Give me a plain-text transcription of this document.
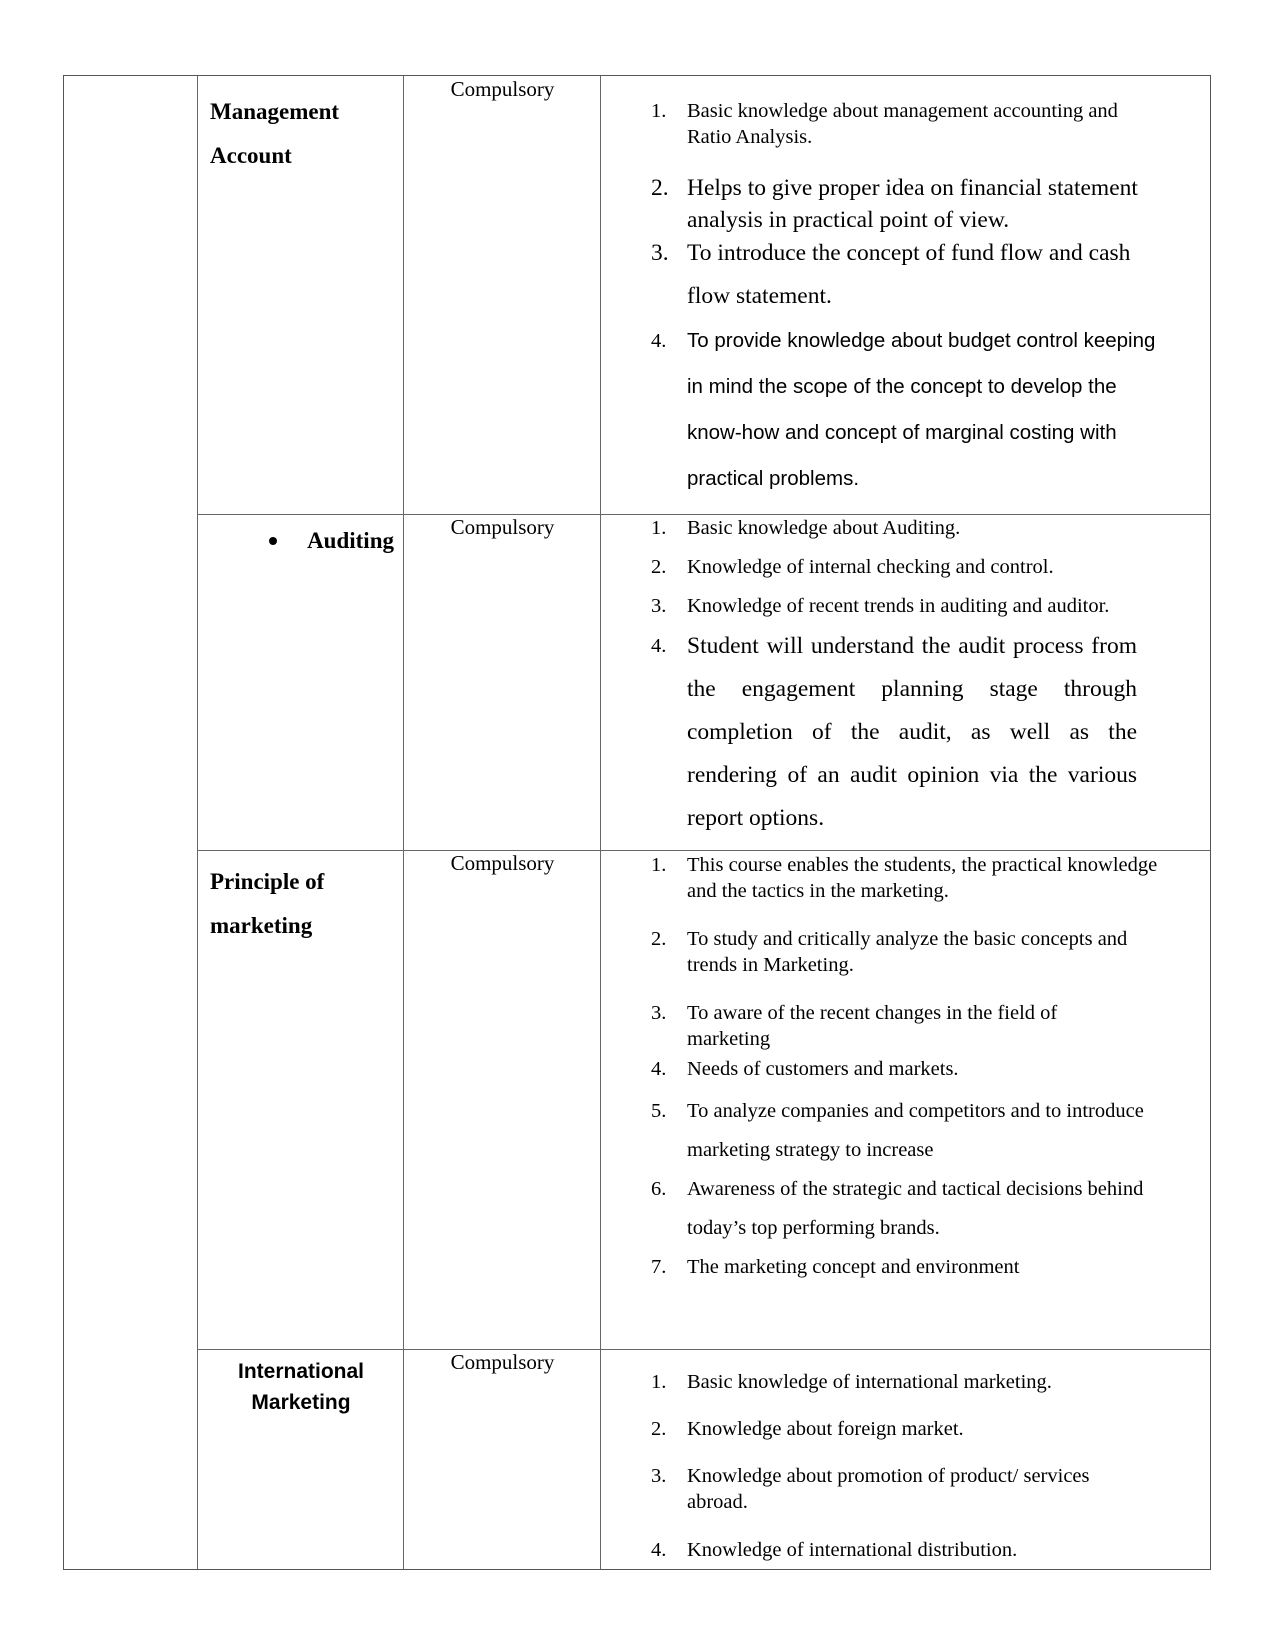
Management
Account
Compulsory
1. Basic knowledge about management accounting and Ratio Analysis.
2. Helps to give proper idea on financial statement analysis in practical point of view.
3. To introduce the concept of fund flow and cash flow statement.
4. To provide knowledge about budget control keeping in mind the scope of the concept to develop the know-how and concept of marginal costing with practical problems.
Auditing
Compulsory	1. Basic knowledge about Auditing.
2. Knowledge of internal checking and control.
3. Knowledge of recent trends in auditing and auditor.
4. Student will understand the audit process from the engagement planning stage through completion of the audit, as well as the rendering of an audit opinion via the various report options.
Principle of
marketing
Compulsory	1. This course enables the students, the practical knowledge and the tactics in the marketing.
2. To study and critically analyze the basic concepts and trends in Marketing.
3. To aware of the recent changes in the field of marketing
4. Needs of customers and markets.
5. To analyze companies and competitors and to introduce marketing strategy to increase
6. Awareness of the strategic and tactical decisions behind today’s top performing brands.
7. The marketing concept and environment
International
Marketing
Compulsory
1. Basic knowledge of international marketing.
2. Knowledge about foreign market.
3. Knowledge about promotion of product/ services abroad.
4. Knowledge of international distribution.
